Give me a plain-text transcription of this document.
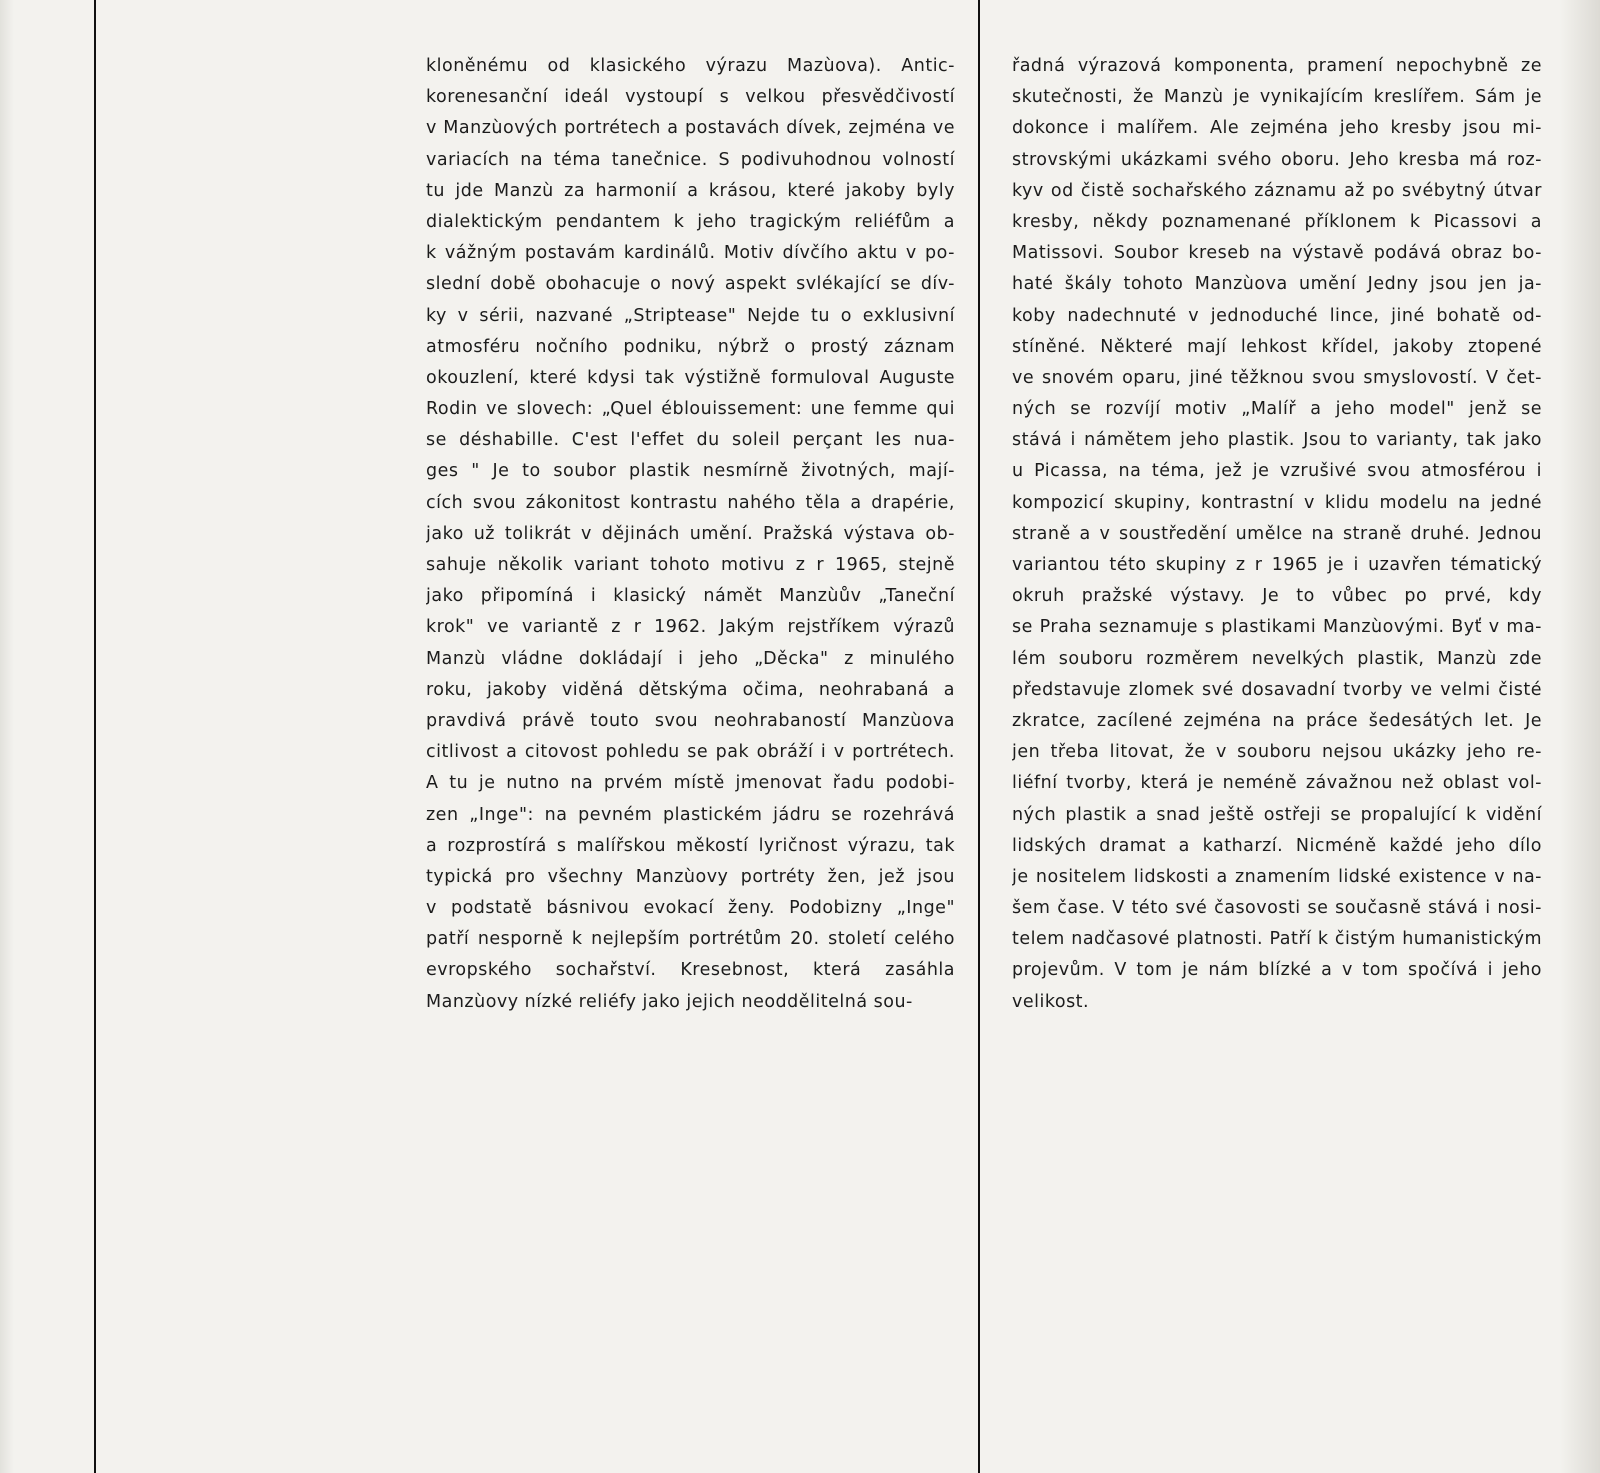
kloněnému od klasického výrazu Mazùova). Antic-
korenesanční ideál vystoupí s velkou přesvědčivostí
v Manzùových portrétech a postavách dívek, zejména ve
variacích na téma tanečnice. S podivuhodnou volností
tu jde Manzù za harmonií a krásou, které jakoby byly
dialektickým pendantem k jeho tragickým reliéfům a
k vážným postavám kardinálů. Motiv dívčího aktu v po-
slední době obohacuje o nový aspekt svlékající se dív-
ky v sérii, nazvané „Striptease" Nejde tu o exklusivní
atmosféru nočního podniku, nýbrž o prostý záznam
okouzlení, které kdysi tak výstižně formuloval Auguste
Rodin ve slovech: „Quel éblouissement: une femme qui
se déshabille. C'est l'effet du soleil perçant les nua-
ges " Je to soubor plastik nesmírně životných, mají-
cích svou zákonitost kontrastu nahého těla a drapérie,
jako už tolikrát v dějinách umění. Pražská výstava ob-
sahuje několik variant tohoto motivu z r 1965, stejně
jako připomíná i klasický námět Manzùův „Taneční
krok" ve variantě z r 1962. Jakým rejstříkem výrazů
Manzù vládne dokládají i jeho „Děcka" z minulého
roku, jakoby viděná dětskýma očima, neohrabaná a
pravdivá právě touto svou neohrabaností Manzùova
citlivost a citovost pohledu se pak obráží i v portrétech.
A tu je nutno na prvém místě jmenovat řadu podobi-
zen „Inge": na pevném plastickém jádru se rozehrává
a rozprostírá s malířskou měkostí lyričnost výrazu, tak
typická pro všechny Manzùovy portréty žen, jež jsou
v podstatě básnivou evokací ženy. Podobizny „Inge"
patří nesporně k nejlepším portrétům 20. století celého
evropského sochařství. Kresebnost, která zasáhla
Manzùovy nízké reliéfy jako jejich neoddělitelná sou-
řadná výrazová komponenta, pramení nepochybně ze
skutečnosti, že Manzù je vynikajícím kreslířem. Sám je
dokonce i malířem. Ale zejména jeho kresby jsou mi-
strovskými ukázkami svého oboru. Jeho kresba má roz-
kyv od čistě sochařského záznamu až po svébytný útvar
kresby, někdy poznamenané příklonem k Picassovi a
Matissovi. Soubor kreseb na výstavě podává obraz bo-
haté škály tohoto Manzùova umění Jedny jsou jen ja-
koby nadechnuté v jednoduché lince, jiné bohatě od-
stíněné. Některé mají lehkost křídel, jakoby ztopené
ve snovém oparu, jiné těžknou svou smyslovostí. V čet-
ných se rozvíjí motiv „Malíř a jeho model" jenž se
stává i námětem jeho plastik. Jsou to varianty, tak jako
u Picassa, na téma, jež je vzrušivé svou atmosférou i
kompozicí skupiny, kontrastní v klidu modelu na jedné
straně a v soustředění umělce na straně druhé. Jednou
variantou této skupiny z r 1965 je i uzavřen tématický
okruh pražské výstavy. Je to vůbec po prvé, kdy
se Praha seznamuje s plastikami Manzùovými. Byť v ma-
lém souboru rozměrem nevelkých plastik, Manzù zde
představuje zlomek své dosavadní tvorby ve velmi čisté
zkratce, zacílené zejména na práce šedesátých let. Je
jen třeba litovat, že v souboru nejsou ukázky jeho re-
liéfní tvorby, která je neméně závažnou než oblast vol-
ných plastik a snad ještě ostřeji se propalující k vidění
lidských dramat a katharzí. Nicméně každé jeho dílo
je nositelem lidskosti a znamením lidské existence v na-
šem čase. V této své časovosti se současně stává i nosi-
telem nadčasové platnosti. Patří k čistým humanistickým
projevům. V tom je nám blízké a v tom spočívá i jeho
velikost.
